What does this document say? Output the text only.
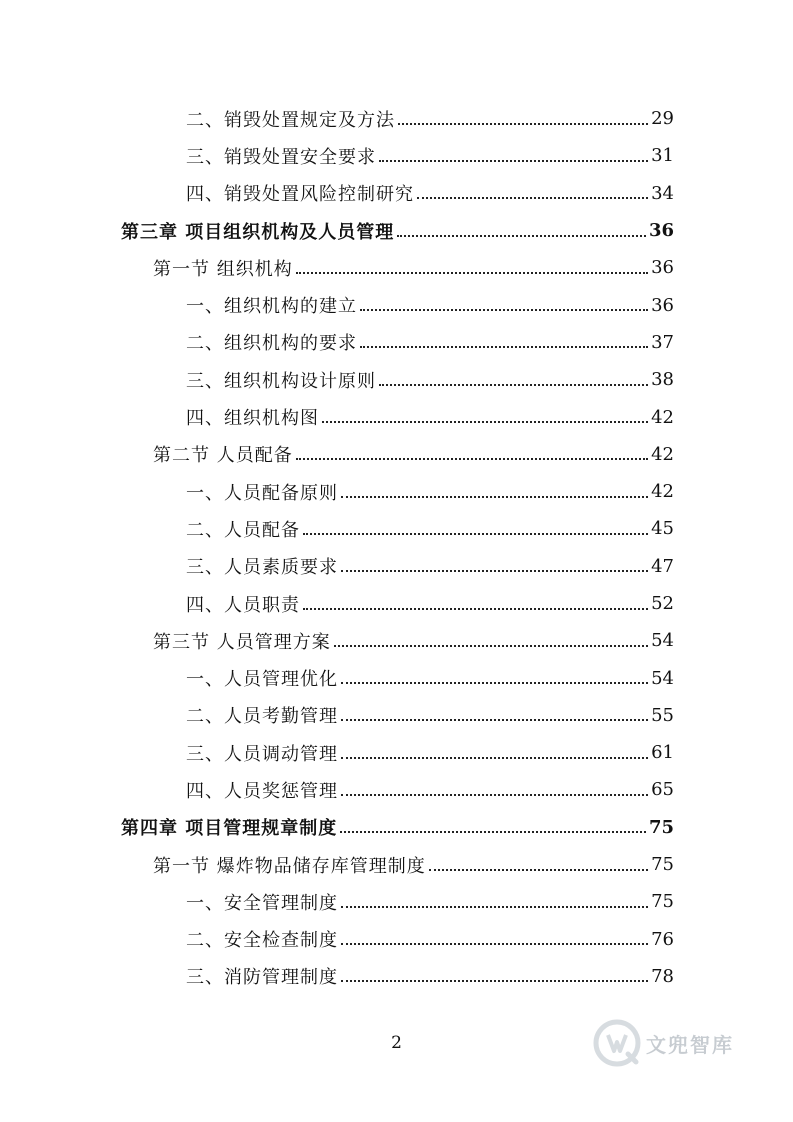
二、销毁处置规定及方法	29
三、销毁处置安全要求	31
四、销毁处置风险控制研究	34
第三章 项目组织机构及人员管理	36
第一节 组织机构	36
一、组织机构的建立	36
二、组织机构的要求	37
三、组织机构设计原则	38
四、组织机构图	42
第二节 人员配备	42
一、人员配备原则	42
二、人员配备	45
三、人员素质要求	47
四、人员职责	52
第三节 人员管理方案	54
一、人员管理优化	54
二、人员考勤管理	55
三、人员调动管理	61
四、人员奖惩管理	65
第四章 项目管理规章制度	75
第一节 爆炸物品储存库管理制度	75
一、安全管理制度	75
二、安全检查制度	76
三、消防管理制度	78
2	文兜智库
